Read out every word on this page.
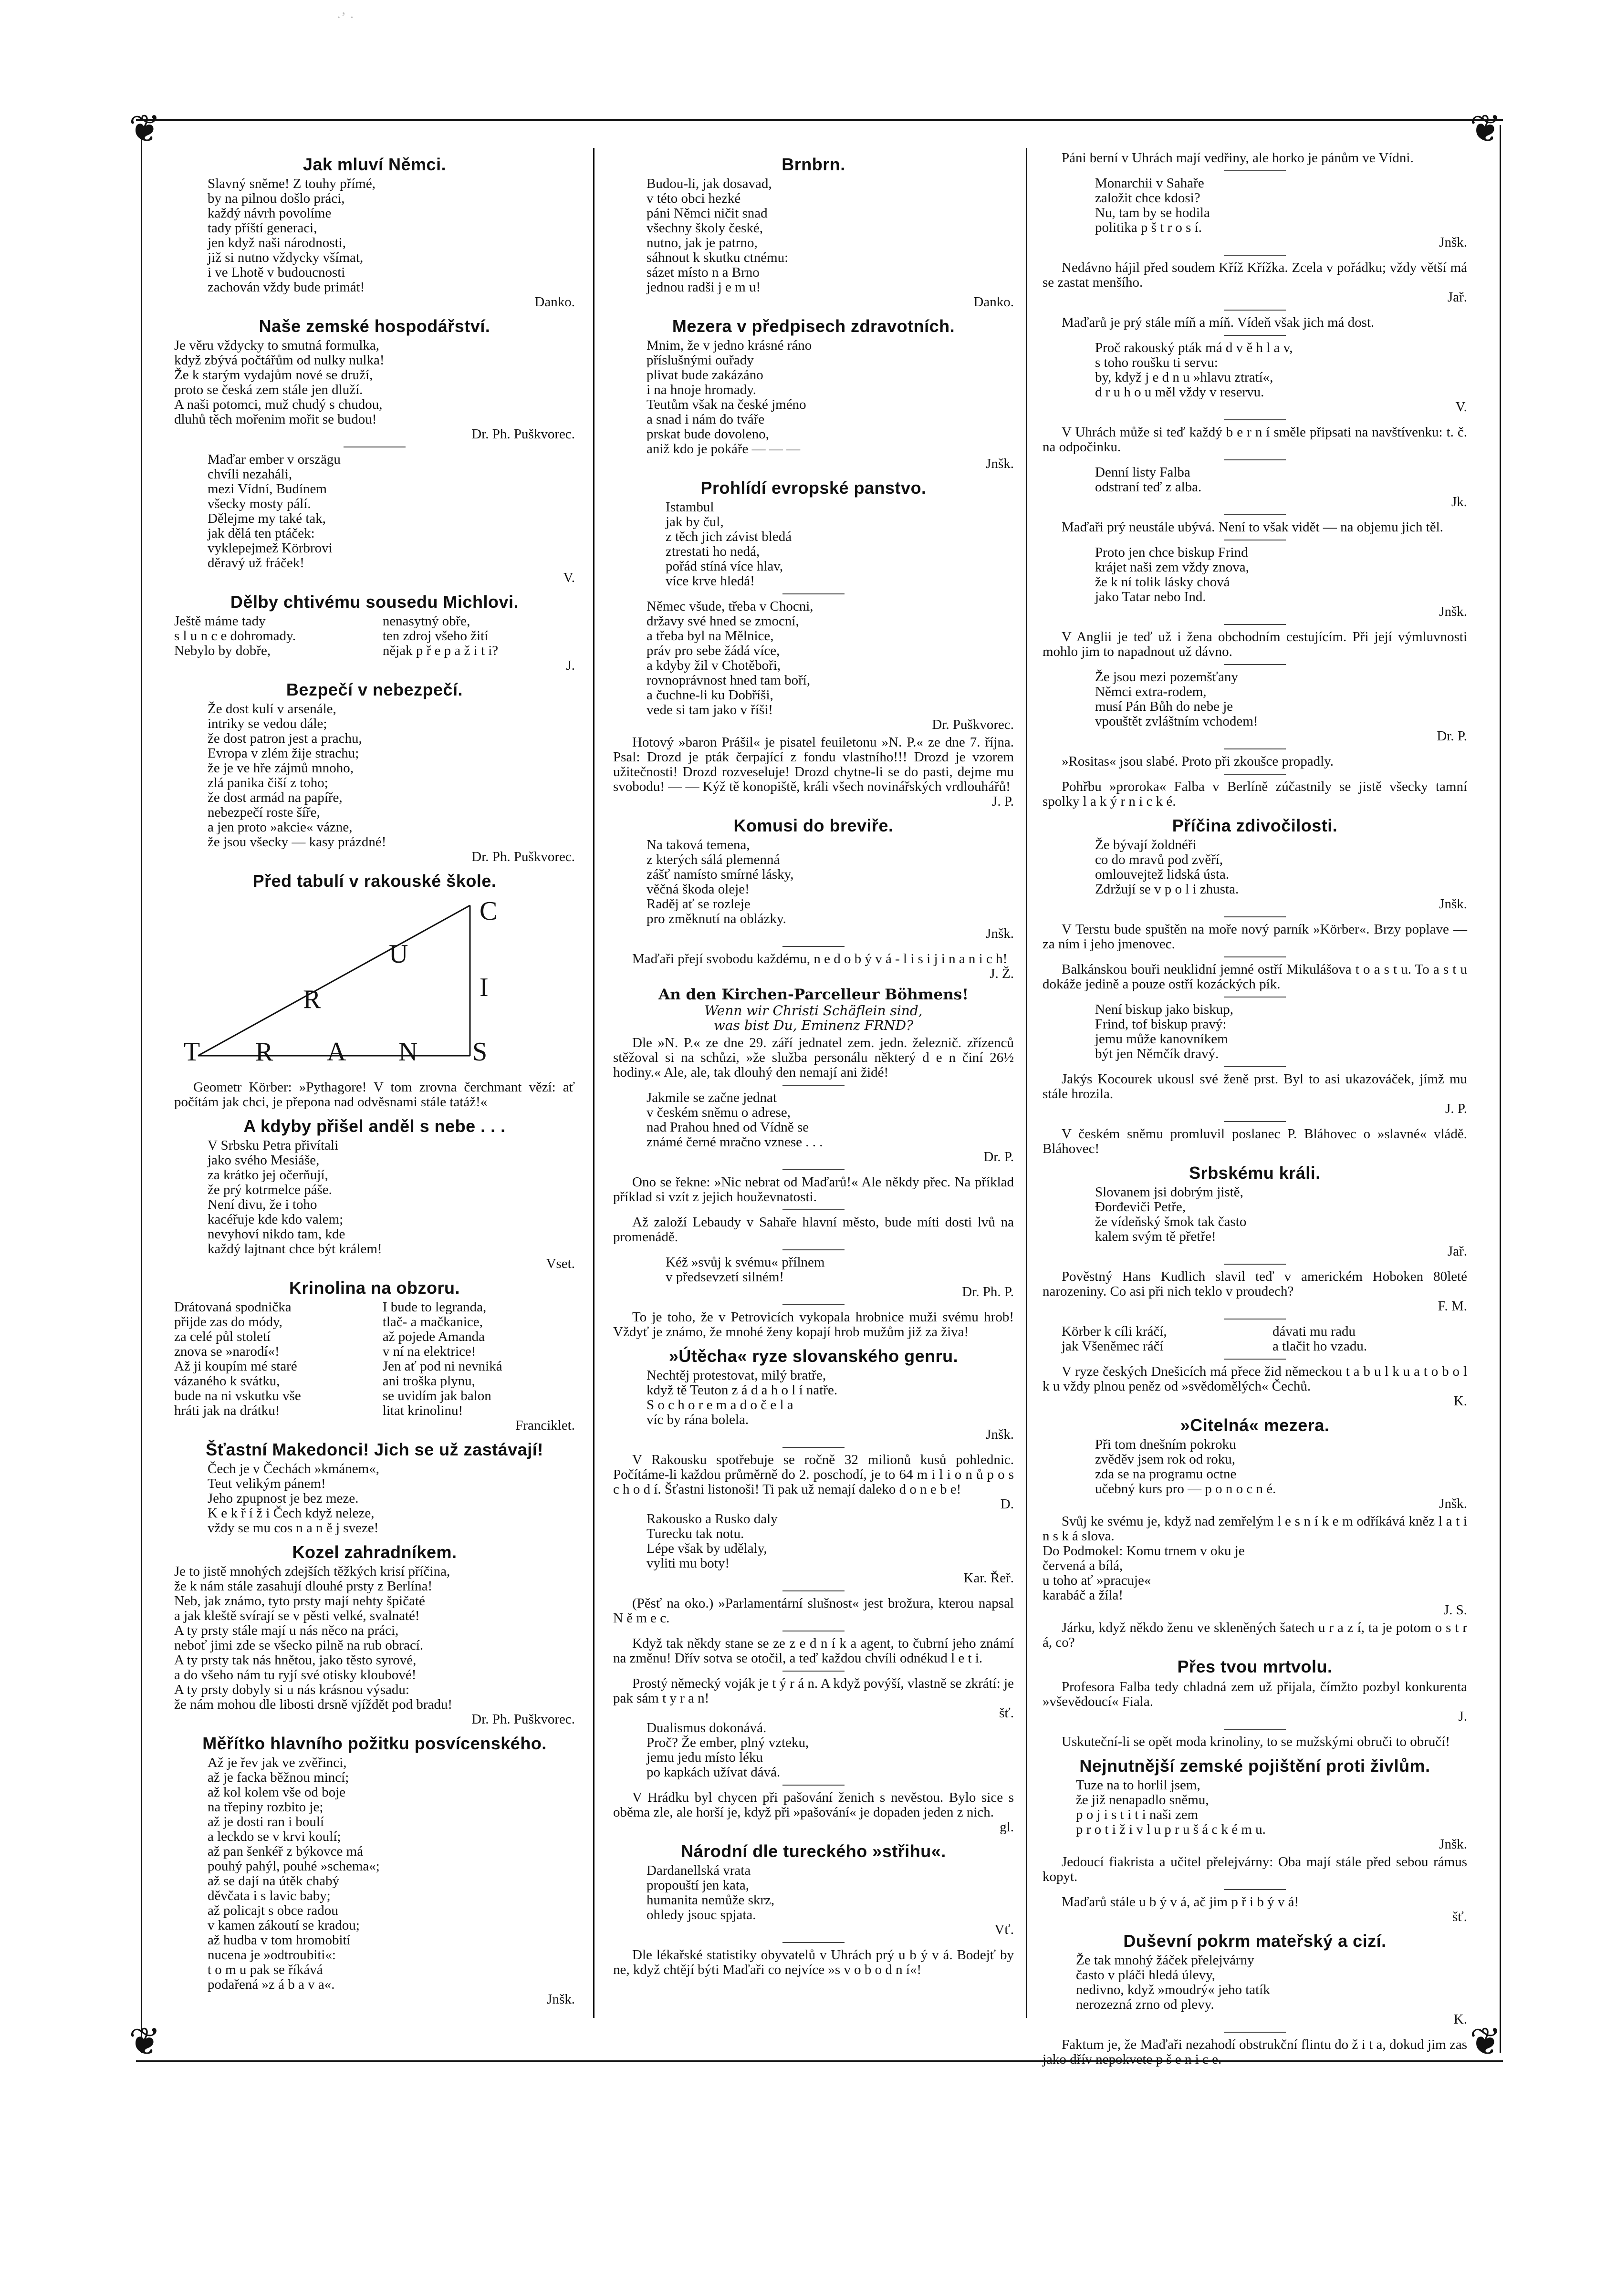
·ʼ ·
❦	❦
❦	❦
Jak mluví Němci.

Slavný sněme! Z touhy přímé,

by na pilnou došlo práci,

každý návrh povolíme

tady příští generaci,

jen když naši národnosti,

již si nutno vždycky všímat,

i ve Lhotě v budoucnosti

zachován vždy bude primát!

Danko.

Naše zemské hospodářství.

Je věru vždycky to smutná formulka,

když zbývá počtářům od nulky nulka!

Že k starým vydajům nové se druží,

proto se česká zem stále jen dluží.

A naši potomci, muž chudý s chudou,

dluhů těch mořenim mořit se budou!

Dr. Ph. Puškvorec.

Maďar ember v orszägu

chvíli nezaháli,

mezi Vídní, Budínem

všecky mosty pálí.

Dělejme my také tak,

jak dělá ten ptáček:

vyklepejmež Körbrovi

děravý už fráček!

V.

Dělby chtivému sousedu Michlovi.

Ještě máme tady

s l u n c e dohromady.

Nebylo by dobře,

nenasytný obře,

ten zdroj všeho žití

nějak p ř e p a ž i t i?

J.

Bezpečí v nebezpečí.

Že dost kulí v arsenále,

intriky se vedou dále;

že dost patron jest a prachu,

Evropa v zlém žije strachu;

že je ve hře zájmů mnoho,

zlá panika čiší z toho;

že dost armád na papíře,

nebezpečí roste šíře,

a jen proto »akcie« vázne,

že jsou všecky — kasy prázdné!

Dr. Ph. Puškvorec.

Před tabulí v rakouské škole.
C
U
I
R
T R A N S

Geometr Körber: »Pythagore! V tom zrovna čerchmant vězí: ať počítám jak chci, je přepona nad odvěsnami stále tatáž!«

A kdyby přišel anděl s nebe . . .

V Srbsku Petra přivítali

jako svého Mesiáše,

za krátko jej očerňují,

že prý kotrmelce páše.

Není divu, že i toho

kacéřuje kde kdo valem;

nevyhoví nikdo tam, kde

každý lajtnant chce být králem!

Vset.

Krinolina na obzoru.

Drátovaná spodnička

přijde zas do módy,

za celé půl století

znova se »narodí«!

Až ji koupím mé staré

vázaného k svátku,

bude na ni vskutku vše

hráti jak na drátku!

I bude to legranda,

tlač- a mačkanice,

až pojede Amanda

v ní na elektrice!

Jen ať pod ni nevniká

ani troška plynu,

se uvidím jak balon

litat krinolinu!

Franciklet.

Šťastní Makedonci! Jich se už zastávají!

Čech je v Čechách »kmánem«,

Teut velikým pánem!

Jeho zpupnost je bez meze.

K e k ř í ž i Čech když neleze,

vždy se mu cos n a n ě j sveze!

Kozel zahradníkem.

Je to jistě mnohých zdejších těžkých krisí příčina,

že k nám stále zasahují dlouhé prsty z Berlína!

Neb, jak známo, tyto prsty mají nehty špičaté

a jak kleště svírají se v pěsti velké, svalnaté!

A ty prsty stále mají u nás něco na práci,

neboť jimi zde se všecko pilně na rub obrací.

A ty prsty tak nás hnětou, jako těsto syrové,

a do všeho nám tu ryjí své otisky kloubové!

A ty prsty dobyly si u nás krásnou výsadu:

že nám mohou dle libosti drsně vjíždět pod bradu!

Dr. Ph. Puškvorec.

Měřítko hlavního požitku posvícenského.

Až je řev jak ve zvěřinci,

až je facka běžnou mincí;

až kol kolem vše od boje

na třepiny rozbito je;

až je dosti ran i boulí

a leckdo se v krvi koulí;

až pan šenkéř z býkovce má

pouhý pahýl, pouhé »schema«;

až se dají na útěk chabý

děvčata i s lavic baby;

až policajt s obce radou

v kamen zákoutí se kradou;

až hudba v tom hromobití

nucena je »odtroubiti«:

t o m u pak se říkává

podařená »z á b a v a«.

Jnšk.

Brnbrn.

Budou-li, jak dosavad,

v této obci hezké

páni Němci ničit snad

všechny školy české,

nutno, jak je patrno,

sáhnout k skutku ctnému:

sázet místo n a Brno

jednou radši j e m u!

Danko.

Mezera v předpisech zdravotních.

Mnim, že v jedno krásné ráno

příslušnými ouřady

plivat bude zakázáno

i na hnoje hromady.

Teutům však na české jméno

a snad i nám do tváře

prskat bude dovoleno,

aniž kdo je pokáře — — —

Jnšk.

Prohlídí evropské panstvo.

Istambul

jak by čul,

z těch jich závist bledá

ztrestati ho nedá,

pořád stíná více hlav,

více krve hledá!

Němec všude, třeba v Chocni,

državy své hned se zmocní,

a třeba byl na Mělnice,

práv pro sebe žádá více,

a kdyby žil v Chotěboři,

rovnoprávnost hned tam boří,

a čuchne-li ku Dobříši,

vede si tam jako v říši!

Dr. Puškvorec.

Hotový »baron Prášil« je pisatel feuiletonu »N. P.« ze dne 7. října. Psal: Drozd je pták čerpající z fondu vlastního!!! Drozd je vzorem užitečnosti! Drozd rozveseluje! Drozd chytne-li se do pasti, dejme mu svobodu! — — Kýž tě konopiště, králi všech novinářských vrdlouhářů!

J. P.

Komusi do breviře.

Na taková temena,

z kterých sálá plemenná

zášť namísto smírné lásky,

věčná škoda oleje!

Raděj ať se rozleje

pro změknutí na oblázky.

Jnšk.

Maďaři přejí svobodu každému, n e d o b ý v á - l i s i j i n a n i c h!

J. Ž.

An den Kirchen-Parcelleur Böhmens!
Wenn wir Christi Schäflein sind,
was bist Du, Eminenz FRND?

Dle »N. P.« ze dne 29. září jednatel zem. jedn. železnič. zřízenců stěžoval si na schůzi, »že služba personálu některý d e n činí 26½ hodiny.« Ale, ale, tak dlouhý den nemají ani židé!

Jakmile se začne jednat

v českém sněmu o adrese,

nad Prahou hned od Vídně se

známé černé mračno vznese . . .

Dr. P.

Ono se řekne: »Nic nebrat od Maďarů!« Ale někdy přec. Na příklad příklad si vzít z jejich houževnatosti.

Až založí Lebaudy v Sahaře hlavní město, bude míti dosti lvů na promenádě.

Kéž »svůj k svému« přílnem

v předsevzetí silném!

Dr. Ph. P.

To je toho, že v Petrovicích vykopala hrobnice muži svému hrob! Vždyť je známo, že mnohé ženy kopají hrob mužům již za živa!

»Útěcha« ryze slovanského genru.

Nechtěj protestovat, milý bratře,

když tě Teuton z á d a h o l í natře.

S o c h o r e m a d o č e l a

víc by rána bolela.

Jnšk.

V Rakousku spotřebuje se ročně 32 milionů kusů pohlednic. Počítáme-li každou průměrně do 2. poschodí, je to 64 m i l i o n ů p o s c h o d í. Šťastni listonoši! Ti pak už nemají daleko d o n e b e!

D.

Rakousko a Rusko daly

Turecku tak notu.

Lépe však by udělaly,

vyliti mu boty!

Kar. Řeř.

(Pěsť na oko.) »Parlamentární slušnost« jest brožura, kterou napsal N ě m e c.

Když tak někdy stane se ze z e d n í k a agent, to čubrní jeho známí na změnu! Dřív sotva se otočil, a teď každou chvíli odnékud l e t i.

Prostý německý voják je t ý r á n. A když povýší, vlastně se zkrátí: je pak sám t y r a n!

šť.

Dualismus dokonává.

Proč? Že ember, plný vzteku,

jemu jedu místo léku

po kapkách užívat dává.

V Hrádku byl chycen při pašování ženich s nevěstou. Bylo sice s oběma zle, ale horší je, když při »pašování« je dopaden jeden z nich.

gl.

Národní dle tureckého »střihu«.

Dardanellská vrata

propouští jen kata,

humanita nemůže skrz,

ohledy jsouc spjata.

Vť.

Dle lékařské statistiky obyvatelů v Uhrách prý u b ý v á. Bodejť by ne, když chtějí býti Maďaři co nejvíce »s v o b o d n í«!

Páni berní v Uhrách mají vedřiny, ale horko je pánům ve Vídni.

Monarchii v Sahaře

založit chce kdosi?

Nu, tam by se hodila

politika p š t r o s í.

Jnšk.

Nedávno hájil před soudem Kříž Křížka. Zcela v pořádku; vždy větší má se zastat menšího.

Jař.

Maďarů je prý stále míň a míň. Vídeň však jich má dost.

Proč rakouský pták má d v ě h l a v,

s toho roušku ti servu:

by, když j e d n u »hlavu ztratí«,

d r u h o u měl vždy v reservu.

V.

V Uhrách může si teď každý b e r n í směle připsati na navštívenku: t. č. na odpočinku.

Denní listy Falba

odstraní teď z alba.

Jk.

Maďaři prý neustále ubývá. Není to však vidět — na objemu jich těl.

Proto jen chce biskup Frind

krájet naši zem vždy znova,

že k ní tolik lásky chová

jako Tatar nebo Ind.

Jnšk.

V Anglii je teď už i žena obchodním cestujícím. Při její výmluvnosti mohlo jim to napadnout už dávno.

Že jsou mezi pozemšťany

Němci extra-rodem,

musí Pán Bůh do nebe je

vpouštět zvláštním vchodem!

Dr. P.

»Rositas« jsou slabé. Proto při zkoušce propadly.

Pohřbu »proroka« Falba v Berlíně zúčastnily se jistě všecky tamní spolky l a k ý r n i c k é.

Příčina zdivočilosti.

Že bývají žoldnéři

co do mravů pod zvěří,

omlouvejtež lidská ústa.

Zdržují se v p o l i zhusta.

Jnšk.

V Terstu bude spuštěn na moře nový parník »Körber«. Brzy poplave — za ním i jeho jmenovec.

Balkánskou bouři neuklidní jemné ostří Mikulášova t o a s t u. To a s t u dokáže jedině a pouze ostří kozáckých pík.

Není biskup jako biskup,

Frind, tof biskup pravý:

jemu může kanovníkem

být jen Němčík dravý.

Jakýs Kocourek ukousl své ženě prst. Byl to asi ukazováček, jímž mu stále hrozila.

J. P.

V českém sněmu promluvil poslanec P. Bláhovec o »slavné« vládě. Bláhovec!

Srbskému králi.

Slovanem jsi dobrým jistě,

Đorđeviči Petře,

že vídeňský šmok tak často

kalem svým tě přetře!

Jař.

Pověstný Hans Kudlich slavil teď v americkém Hoboken 80leté narozeniny. Co asi při nich teklo v proudech?

F. M.

Körber k cíli kráčí,

jak Všeněmec ráčí

dávati mu radu

a tlačit ho vzadu.

V ryze českých Dnešicích má přece žid německou t a b u l k u a t o b o l k u vždy plnou peněz od »svědomělých« Čechů.

K.

»Citelná« mezera.

Při tom dnešním pokroku

zvěděv jsem rok od roku,

zda se na programu octne

učebný kurs pro — p o n o c n é.

Jnšk.

Svůj ke svému je, když nad zemřelým l e s n í k e m odříkává kněz l a t i n s k á slova.

Do Podmokel: Komu trnem v oku je

červená a bílá,

u toho ať »pracuje«

karabáč a žíla!

J. S.

Járku, když někdo ženu ve skleněných šatech u r a z í, ta je potom o s t r á, co?

Přes tvou mrtvolu.

Profesora Falba tedy chladná zem už přijala, čímžto pozbyl konkurenta »vševědoucí« Fiala.

J.

Uskuteční-li se opět moda krinoliny, to se mužskými obruči to obručí!

Nejnutnější zemské pojištění proti živlům.

Tuze na to horlil jsem,

že již nenapadlo sněmu,

p o j i s t i t i naši zem

p r o t i ž i v l u p r u š á c k é m u.

Jnšk.

Jedoucí fiakrista a učitel přelejvárny: Oba mají stále před sebou rámus kopyt.

Maďarů stále u b ý v á, ač jim p ř i b ý v á!

šť.

Duševní pokrm mateřský a cizí.

Že tak mnohý žáček přelejvárny

často v pláči hledá úlevy,

nedivno, když »moudrý« jeho tatík

nerozezná zrno od plevy.

K.

Faktum je, že Maďaři nezahodí obstrukční flintu do ž i t a, dokud jim zas jako dřív nepokvete p š e n i c e.
